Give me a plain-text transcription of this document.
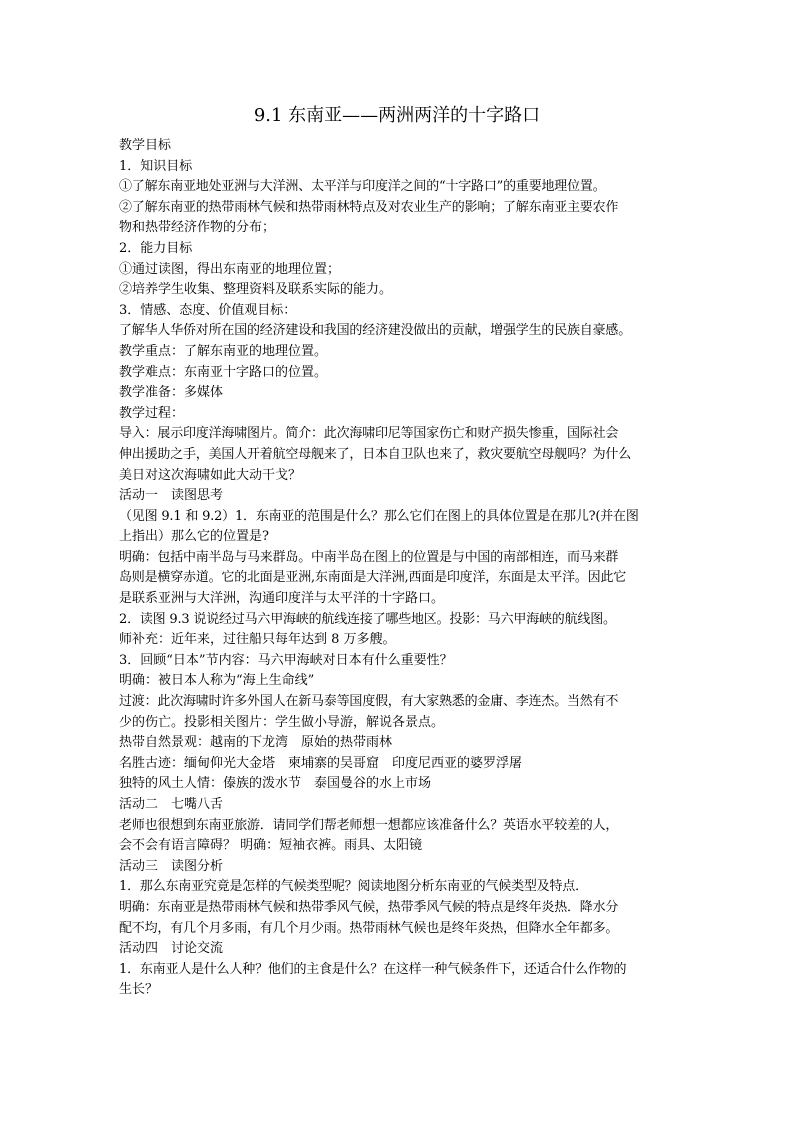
9.1 东南亚——两洲两洋的十字路口
教学目标
1．知识目标
①了解东南亚地处亚洲与大洋洲、太平洋与印度洋之间的“十字路口”的重要地理位置。
②了解东南亚的热带雨林气候和热带雨林特点及对农业生产的影响；了解东南亚主要农作
物和热带经济作物的分布；
2．能力目标
①通过读图，得出东南亚的地理位置；
②培养学生收集、整理资料及联系实际的能力。
3．情感、态度、价值观目标：
了解华人华侨对所在国的经济建设和我国的经济建没做出的贡献，增强学生的民族自豪感。
教学重点：了解东南亚的地理位置。
教学难点：东南亚十字路口的位置。
教学准备：多媒体
教学过程：
导入：展示印度洋海啸图片。简介：此次海啸印尼等国家伤亡和财产损失惨重，国际社会
伸出援助之手，美国人开着航空母舰来了，日本自卫队也来了，救灾要航空母舰吗？为什么
美日对这次海啸如此大动干戈？
活动一　读图思考
（见图 9.1 和 9.2）1．东南亚的范围是什么？那么它们在图上的具体位置是在那儿?(并在图
上指出）那么它的位置是?
明确：包括中南半岛与马来群岛。中南半岛在图上的位置是与中国的南部相连，而马来群
岛则是横穿赤道。它的北面是亚洲,东南面是大洋洲,西面是印度洋，东面是太平洋。因此它
是联系亚洲与大洋洲，沟通印度洋与太平洋的十字路口。
2．读图 9.3 说说经过马六甲海峡的航线连接了哪些地区。投影：马六甲海峡的航线图。
师补充：近年来，过往船只每年达到 8 万多艘。
3．回顾“日本”节内容：马六甲海峡对日本有什么重要性？
明确：被日本人称为“海上生命线”
过渡：此次海啸时许多外国人在新马泰等国度假，有大家熟悉的金庸、李连杰。当然有不
少的伤亡。投影相关图片：学生做小导游，解说各景点。
热带自然景观：越南的下龙湾　原始的热带雨林
名胜古迹：缅甸仰光大金塔　柬埔寨的吴哥窟　印度尼西亚的婆罗浮屠
独特的风土人情：傣族的泼水节　泰国曼谷的水上市场
活动二　七嘴八舌
老师也很想到东南亚旅游．请同学们帮老师想一想都应该准备什么？英语水平较差的人，
会不会有语言障碍？ 明确：短袖衣裤。雨具、太阳镜
活动三　读图分析
1．那么东南亚究竟是怎样的气候类型呢？阅读地图分析东南亚的气候类型及特点．
明确：东南亚是热带雨林气候和热带季风气候，热带季风气候的特点是终年炎热．降水分
配不均，有几个月多雨，有几个月少雨。热带雨林气候也是终年炎热，但降水全年都多。
活动四　讨论交流
1．东南亚人是什么人种？他们的主食是什么？在这样一种气候条件下，还适合什么作物的
生长？
